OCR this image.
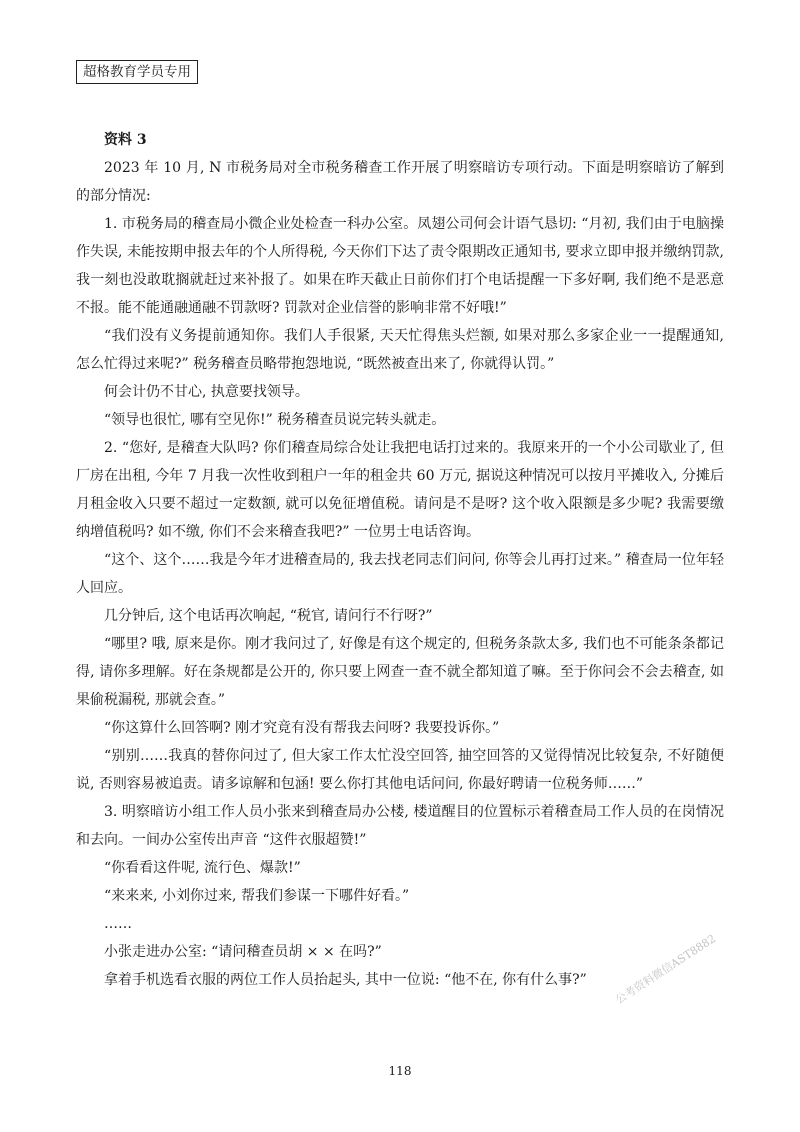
超格教育学员专用
资料 3

2023 年 10 月, N 市税务局对全市税务稽查工作开展了明察暗访专项行动。下面是明察暗访了解到的部分情况:

1. 市税务局的稽查局小微企业处检查一科办公室。凤翅公司何会计语气恳切: “月初, 我们由于电脑操作失误, 未能按期申报去年的个人所得税, 今天你们下达了责令限期改正通知书, 要求立即申报并缴纳罚款, 我一刻也没敢耽搁就赶过来补报了。如果在昨天截止日前你们打个电话提醒一下多好啊, 我们绝不是恶意不报。能不能通融通融不罚款呀? 罚款对企业信誉的影响非常不好哦!”

“我们没有义务提前通知你。我们人手很紧, 天天忙得焦头烂额, 如果对那么多家企业一一提醒通知, 怎么忙得过来呢?” 税务稽查员略带抱怨地说, “既然被查出来了, 你就得认罚。”

何会计仍不甘心, 执意要找领导。

“领导也很忙, 哪有空见你!” 税务稽查员说完转头就走。

2. “您好, 是稽查大队吗? 你们稽查局综合处让我把电话打过来的。我原来开的一个小公司歇业了, 但厂房在出租, 今年 7 月我一次性收到租户一年的租金共 60 万元, 据说这种情况可以按月平摊收入, 分摊后月租金收入只要不超过一定数额, 就可以免征增值税。请问是不是呀? 这个收入限额是多少呢? 我需要缴纳增值税吗? 如不缴, 你们不会来稽查我吧?” 一位男士电话咨询。

“这个、这个……我是今年才进稽查局的, 我去找老同志们问问, 你等会儿再打过来。” 稽查局一位年轻人回应。

几分钟后, 这个电话再次响起, “税官, 请问行不行呀?”

“哪里? 哦, 原来是你。刚才我问过了, 好像是有这个规定的, 但税务条款太多, 我们也不可能条条都记得, 请你多理解。好在条规都是公开的, 你只要上网查一查不就全都知道了嘛。至于你问会不会去稽查, 如果偷税漏税, 那就会查。”

“你这算什么回答啊? 刚才究竟有没有帮我去问呀? 我要投诉你。”

“别别……我真的替你问过了, 但大家工作太忙没空回答, 抽空回答的又觉得情况比较复杂, 不好随便说, 否则容易被追责。请多谅解和包涵! 要么你打其他电话问问, 你最好聘请一位税务师……”

3. 明察暗访小组工作人员小张来到稽查局办公楼, 楼道醒目的位置标示着稽查局工作人员的在岗情况和去向。一间办公室传出声音 “这件衣服超赞!”

“你看看这件呢, 流行色、爆款!”

“来来来, 小刘你过来, 帮我们参谋一下哪件好看。”

……

小张走进办公室: “请问稽查员胡 × × 在吗?”

拿着手机选看衣服的两位工作人员抬起头, 其中一位说: “他不在, 你有什么事?”	公考资料微信AST8882
118
